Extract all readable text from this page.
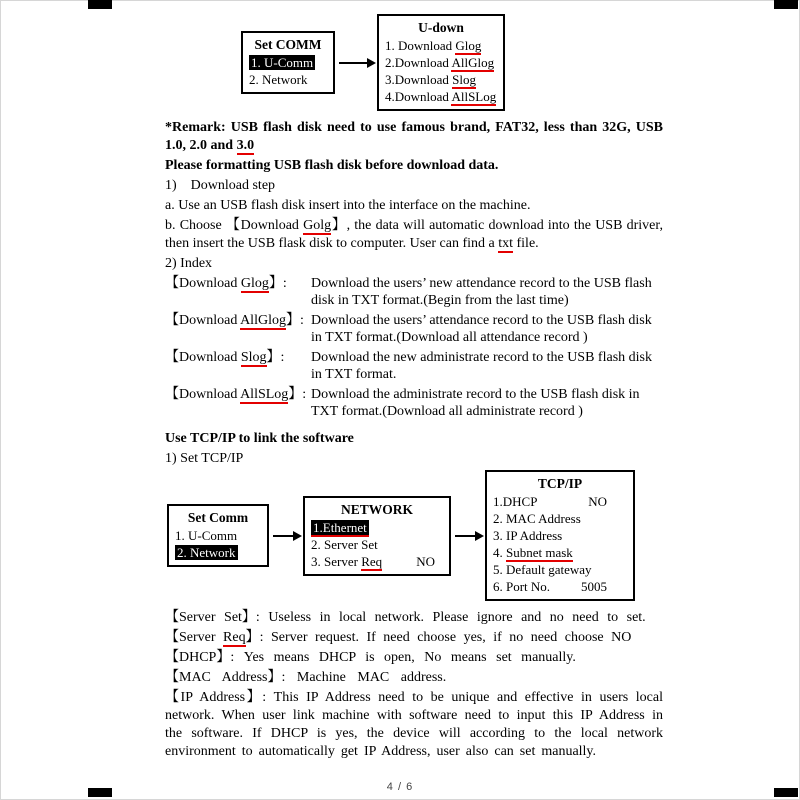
Set COMM
1. U-Comm
2. Network
U-down
1. Download Glog
2.Download AllGlog
3.Download Slog
4.Download AllSLog

*Remark: USB flash disk need to use famous brand, FAT32, less than 32G, USB 1.0, 2.0 and 3.0

Please formatting USB flash disk before download data.

1)    Download step

a. Use an USB flash disk insert into the interface on the machine.

b. Choose 【Download Golg】, the data will automatic download into the USB driver, then insert the USB flask disk to computer. User can find a txt file.

2) Index

【Download Glog】:	Download the users’ new attendance record to the USB flash disk in TXT format.(Begin from the last time)
【Download AllGlog】: Download the users’ attendance record to the USB flash disk in TXT format.(Download all attendance record )
【Download Slog】:	Download the new administrate record to the USB flash disk in TXT format.
【Download AllSLog】: Download the administrate record to the USB flash disk in TXT format.(Download all administrate record )

Use TCP/IP to link the software

1) Set TCP/IP

Set Comm
1. U-Comm
2. Network
NETWORK
1.Ethernet
2. Server Set
3. Server Req	NO
TCP/IP
1.DHCP	NO
2. MAC Address
3. IP Address
4. Subnet mask
5. Default gateway
6. Port No. 5005

【Server Set】: Useless in local network. Please ignore and no need to set.

【Server Req】: Server request. If need choose yes, if no need choose NO

【DHCP】: Yes means DHCP is open, No means set manually.

【MAC Address】: Machine MAC address.

【IP Address】: This IP Address need to be unique and effective in users local network. When user link machine with software need to input this IP Address in the software. If DHCP is yes, the device will according to the local network environment to automatically get IP Address, user also can set manually.

4 / 6
